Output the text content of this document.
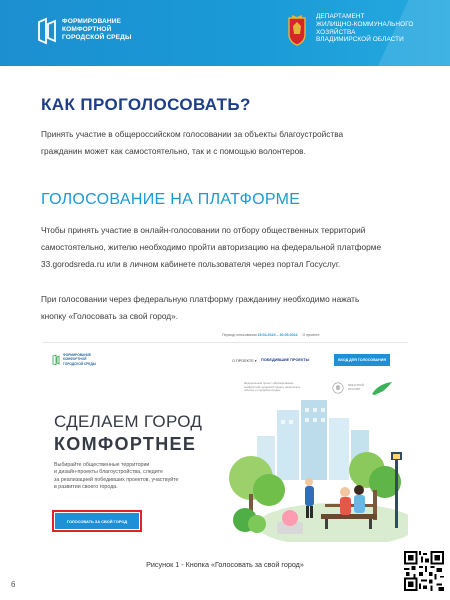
ФОРМИРОВАНИЕ
КОМФОРТНОЙ
ГОРОДСКОЙ СРЕДЫ
ДЕПАРТАМЕНТ
ЖИЛИЩНО-КОММУНАЛЬНОГО
ХОЗЯЙСТВА
ВЛАДИМИРСКОЙ ОБЛАСТИ
КАК ПРОГОЛОСОВАТЬ?
Принять участие в общероссийском голосовании за объекты благоустройства
гражданин может как самостоятельно, так и с помощью волонтеров.
ГОЛОСОВАНИЕ НА ПЛАТФОРМЕ
Чтобы принять участие в онлайн-голосовании по отбору общественных территорий
самостоятельно, жителю необходимо пройти авторизацию на федеральной платформе
33.gorodsreda.ru или в личном кабинете пользователя через портал Госуслуг.
При голосовании через федеральную платформу гражданину необходимо нажать
кнопку «Голосовать за свой город».
Период голосования 15.04.2024 – 30.05.2024 О проекте
ФОРМИРОВАНИЕ
КОМФОРТНОЙ
ГОРОДСКОЙ СРЕДЫ
О ПРОЕКТЕ ▾ ПОБЕДИВШИЕ ПРОЕКТЫ	ВХОД ДЛЯ ГОЛОСОВАНИЯ
Федеральный проект «Формирование
комфортной городской среды» нацпроекта
«Жилье и городская среда»
МИНСТРОЙ
РОССИИ
СДЕЛАЕМ ГОРОД
КОМФОРТНЕЕ
Выбирайте общественные территории
и дизайн-проекты благоустройства, следите
за реализацией победивших проектов, участвуйте
в развитии своего города.
ГОЛОСОВАТЬ ЗА СВОЙ ГОРОД
Рисунок 1 - Кнопка «Голосовать за свой город»
6
